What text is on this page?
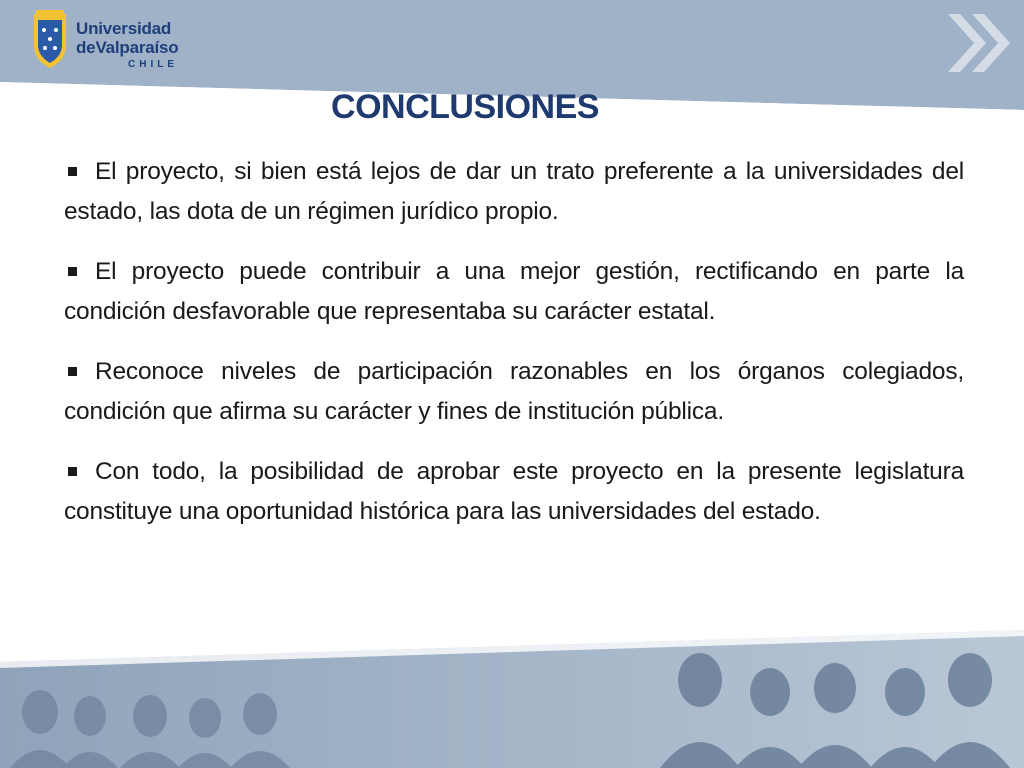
Universidad
deValparaíso
CHILE
CONCLUSIONES

El proyecto, si bien está lejos de dar un trato preferente a la universidades del estado, las dota de un régimen jurídico propio.

El proyecto puede contribuir a una mejor gestión, rectificando en parte la condición desfavorable que representaba su carácter estatal.

Reconoce niveles de participación razonables en los órganos colegiados, condición que afirma su carácter y fines de institución pública.

Con todo, la posibilidad de aprobar este proyecto en la presente legislatura constituye una oportunidad histórica para las universidades del estado.
